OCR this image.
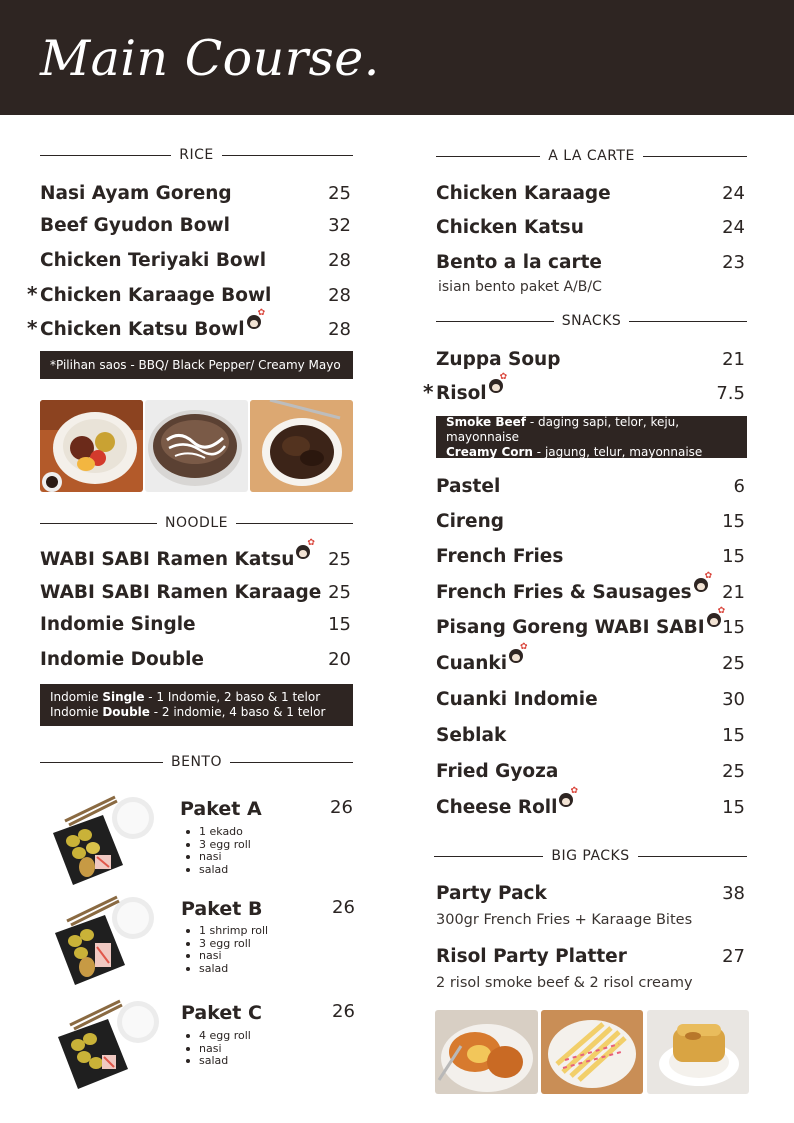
Main Course.
RICE
Nasi Ayam Goreng	25
Beef Gyudon Bowl	32
Chicken Teriyaki Bowl	28
* Chicken Karaage Bowl	28
* Chicken Katsu Bowl ✿	28
*Pilihan saos - BBQ/ Black Pepper/ Creamy Mayo
NOODLE
WABI SABI Ramen Katsu ✿ 25
WABI SABI Ramen Karaage 25
Indomie Single	15
Indomie Double	20
Indomie Single - 1 Indomie, 2 baso & 1 telor
Indomie Double - 2 indomie, 4 baso & 1 telor
BENTO
Paket A	26
1 ekado
3 egg roll
nasi
salad
Paket B	26
1 shrimp roll
3 egg roll
nasi
salad
Paket C	26
4 egg roll
nasi
salad
A LA CARTE
Chicken Karaage	24
Chicken Katsu	24
Bento a la carte	23
isian bento paket A/B/C
SNACKS
Zuppa Soup	21
* Risol ✿	7.5
Smoke Beef - daging sapi, telor, keju, mayonnaise
Creamy Corn - jagung, telur, mayonnaise
Pastel	6
Cireng	15
French Fries	15
French Fries & Sausages ✿ 21
Pisang Goreng WABI SABI ✿ 15
Cuanki ✿	25
Cuanki Indomie	30
Seblak	15
Fried Gyoza	25
Cheese Roll ✿	15
BIG PACKS
Party Pack	38
300gr French Fries + Karaage Bites
Risol Party Platter	27
2 risol smoke beef & 2 risol creamy
